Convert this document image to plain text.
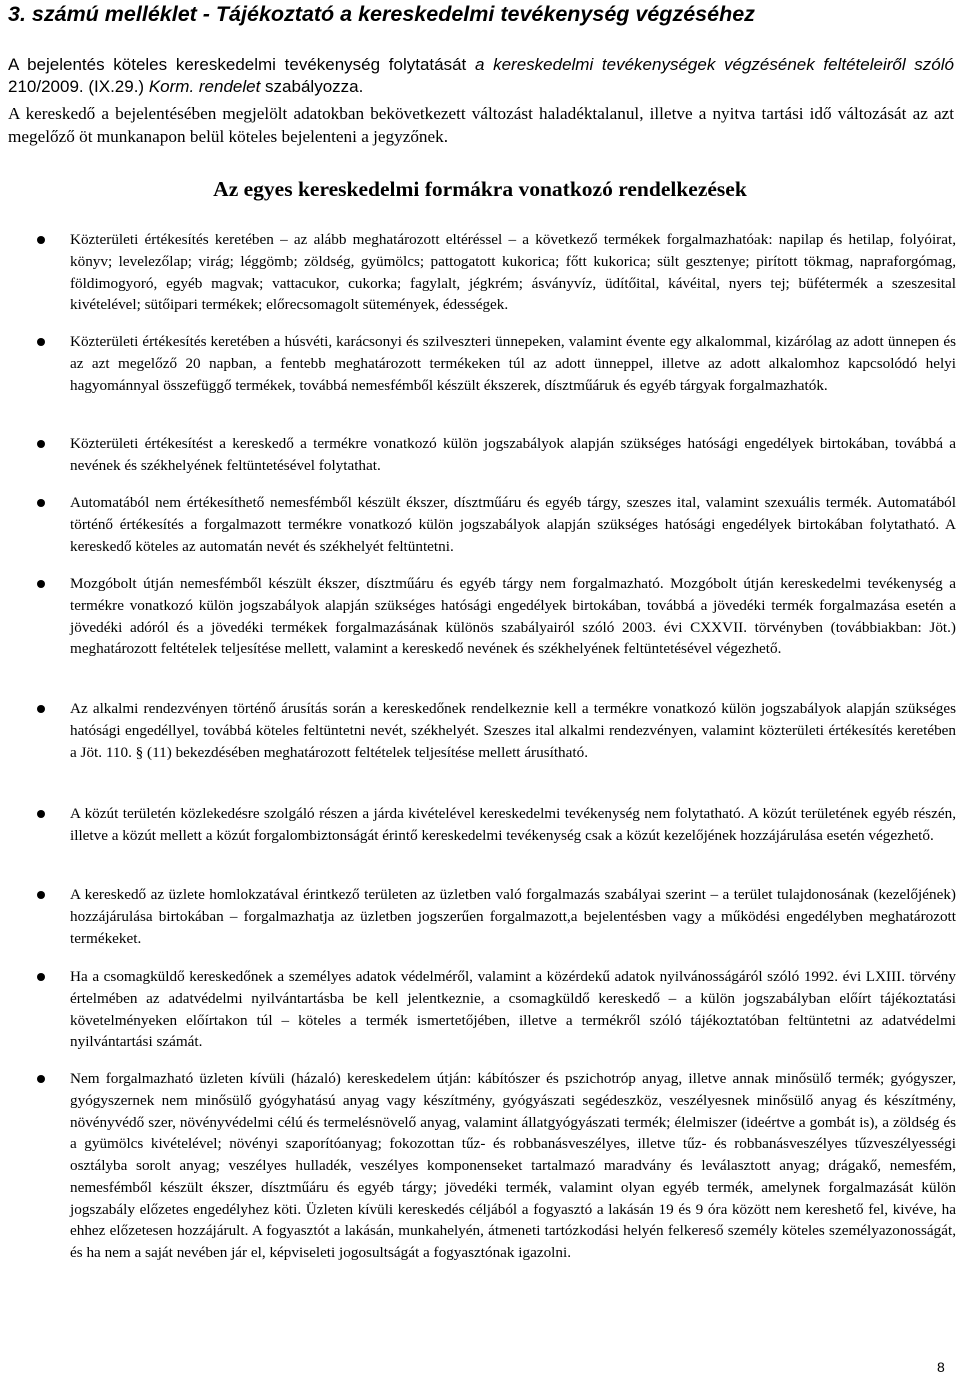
3. számú melléklet - Tájékoztató a kereskedelmi tevékenység végzéséhez

A bejelentés köteles kereskedelmi tevékenység folytatását a kereskedelmi tevékenységek végzésének feltételeiről szóló 210/2009. (IX.29.) Korm. rendelet szabályozza.

A kereskedő a bejelentésében megjelölt adatokban bekövetkezett változást haladéktalanul, illetve a nyitva tartási idő változását az azt megelőző öt munkanapon belül köteles bejelenteni a jegyzőnek.

Az egyes kereskedelmi formákra vonatkozó rendelkezések

Közterületi értékesítés keretében – az alább meghatározott eltéréssel – a következő termékek forgalmazhatóak: napilap és hetilap, folyóirat, könyv; levelezőlap; virág; léggömb; zöldség, gyümölcs; pattogatott kukorica; főtt kukorica; sült gesztenye; pirított tökmag, napraforgómag, földimogyoró, egyéb magvak; vattacukor, cukorka; fagylalt, jégkrém; ásványvíz, üdítőital, kávéital, nyers tej; büfétermék a szeszesital kivételével; sütőipari termékek; előrecsomagolt sütemények, édességek.

Közterületi értékesítés keretében a húsvéti, karácsonyi és szilveszteri ünnepeken, valamint évente egy alkalommal, kizárólag az adott ünnepen és az azt megelőző 20 napban, a fentebb meghatározott termékeken túl az adott ünneppel, illetve az adott alkalomhoz kapcsolódó helyi hagyománnyal összefüggő termékek, továbbá nemesfémből készült ékszerek, dísztműáruk és egyéb tárgyak forgalmazhatók.

Közterületi értékesítést a kereskedő a termékre vonatkozó külön jogszabályok alapján szükséges hatósági engedélyek birtokában, továbbá a nevének és székhelyének feltüntetésével folytathat.

Automatából nem értékesíthető nemesfémből készült ékszer, dísztműáru és egyéb tárgy, szeszes ital, valamint szexuális termék. Automatából történő értékesítés a forgalmazott termékre vonatkozó külön jogszabályok alapján szükséges hatósági engedélyek birtokában folytatható. A kereskedő köteles az automatán nevét és székhelyét feltüntetni.

Mozgóbolt útján nemesfémből készült ékszer, dísztműáru és egyéb tárgy nem forgalmazható. Mozgóbolt útján kereskedelmi tevékenység a termékre vonatkozó külön jogszabályok alapján szükséges hatósági engedélyek birtokában, továbbá a jövedéki termék forgalmazása esetén a jövedéki adóról és a jövedéki termékek forgalmazásának különös szabályairól szóló 2003. évi CXXVII. törvényben (továbbiakban: Jöt.) meghatározott feltételek teljesítése mellett, valamint a kereskedő nevének és székhelyének feltüntetésével végezhető.

Az alkalmi rendezvényen történő árusítás során a kereskedőnek rendelkeznie kell a termékre vonatkozó külön jogszabályok alapján szükséges hatósági engedéllyel, továbbá köteles feltüntetni nevét, székhelyét. Szeszes ital alkalmi rendezvényen, valamint közterületi értékesítés keretében a Jöt. 110. § (11) bekezdésében meghatározott feltételek teljesítése mellett árusítható.

A közút területén közlekedésre szolgáló részen a járda kivételével kereskedelmi tevékenység nem folytatható. A közút területének egyéb részén, illetve a közút mellett a közút forgalombiztonságát érintő kereskedelmi tevékenység csak a közút kezelőjének hozzájárulása esetén végezhető.

A kereskedő az üzlete homlokzatával érintkező területen az üzletben való forgalmazás szabályai szerint – a terület tulajdonosának (kezelőjének) hozzájárulása birtokában – forgalmazhatja az üzletben jogszerűen forgalmazott,a bejelentésben vagy a működési engedélyben meghatározott termékeket.

Ha a csomagküldő kereskedőnek a személyes adatok védelméről, valamint a közérdekű adatok nyilvánosságáról szóló 1992. évi LXIII. törvény értelmében az adatvédelmi nyilvántartásba be kell jelentkeznie, a csomagküldő kereskedő – a külön jogszabályban előírt tájékoztatási követelményeken előírtakon túl – köteles a termék ismertetőjében, illetve a termékről szóló tájékoztatóban feltüntetni az adatvédelmi nyilvántartási számát.

Nem forgalmazható üzleten kívüli (házaló) kereskedelem útján: kábítószer és pszichotróp anyag, illetve annak minősülő termék; gyógyszer, gyógyszernek nem minősülő gyógyhatású anyag vagy készítmény, gyógyászati segédeszköz, veszélyesnek minősülő anyag és készítmény, növényvédő szer, növényvédelmi célú és termelésnövelő anyag, valamint állatgyógyászati termék; élelmiszer (ideértve a gombát is), a zöldség és a gyümölcs kivételével; növényi szaporítóanyag; fokozottan tűz- és robbanásveszélyes, illetve tűz- és robbanásveszélyes tűzveszélyességi osztályba sorolt anyag; veszélyes hulladék, veszélyes komponenseket tartalmazó maradvány és leválasztott anyag; drágakő, nemesfém, nemesfémből készült ékszer, dísztműáru és egyéb tárgy; jövedéki termék, valamint olyan egyéb termék, amelynek forgalmazását külön jogszabály előzetes engedélyhez köti. Üzleten kívüli kereskedés céljából a fogyasztó a lakásán 19 és 9 óra között nem kereshető fel, kivéve, ha ehhez előzetesen hozzájárult. A fogyasztót a lakásán, munkahelyén, átmeneti tartózkodási helyén felkereső személy köteles személyazonosságát, és ha nem a saját nevében jár el, képviseleti jogosultságát a fogyasztónak igazolni.

8
